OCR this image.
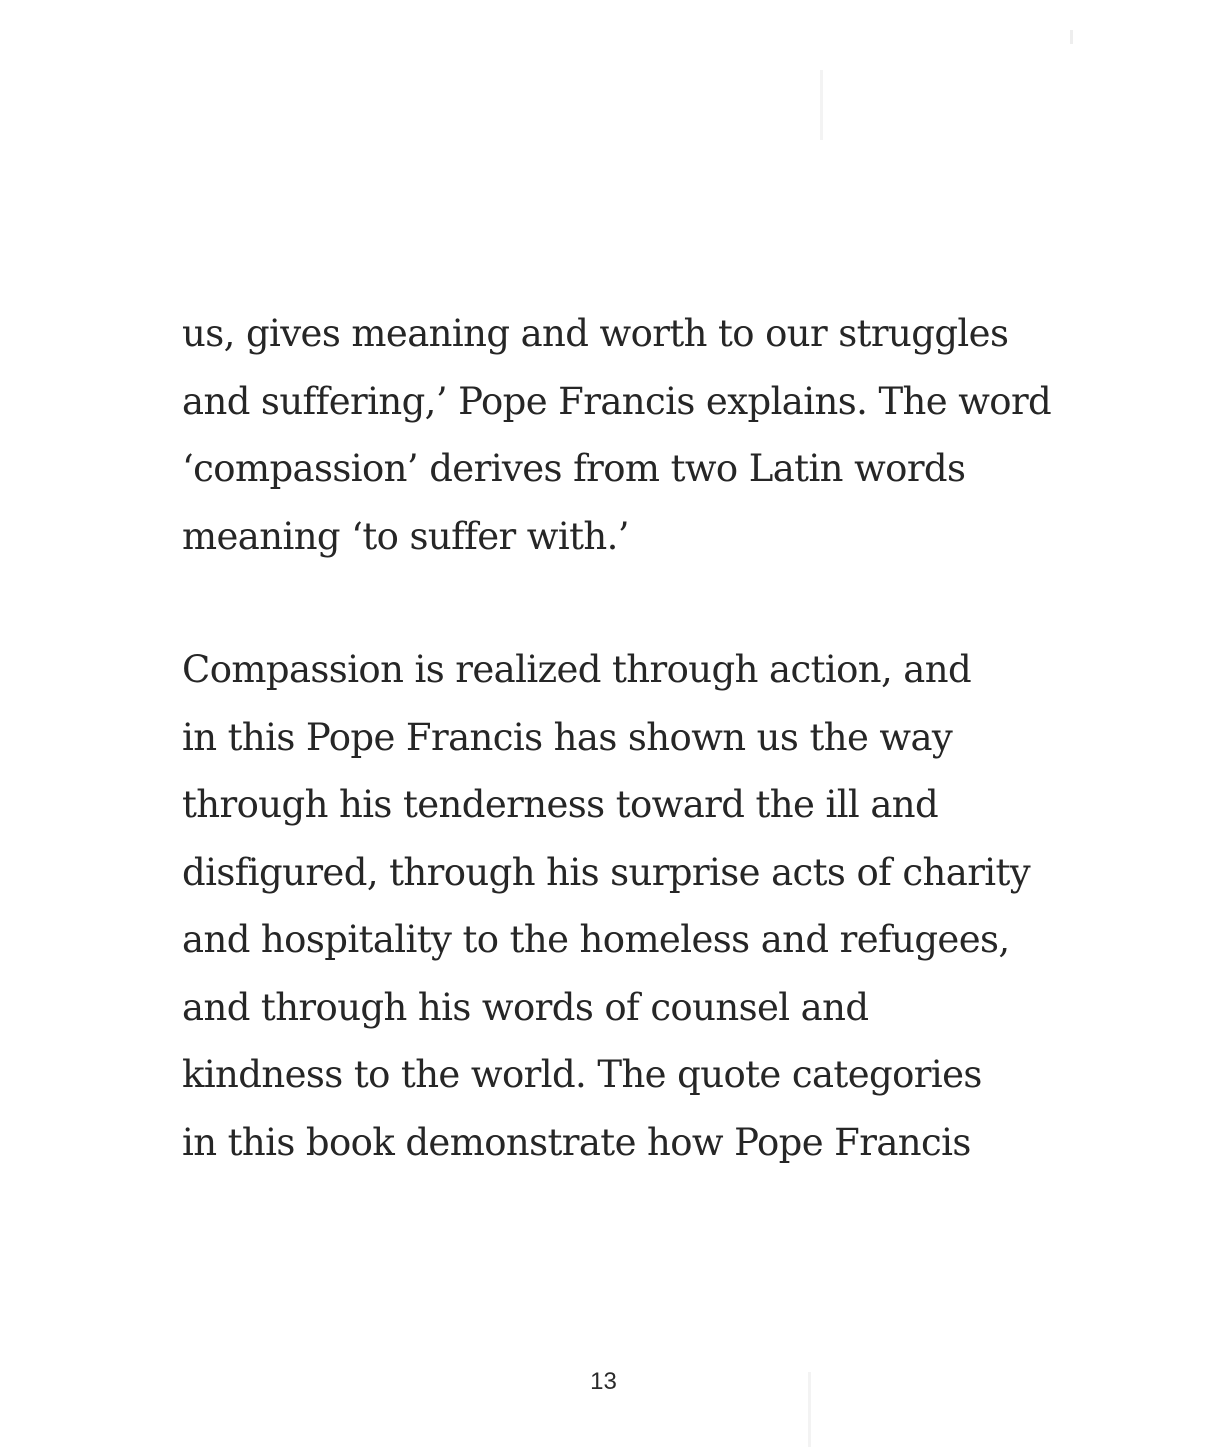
us, gives meaning and worth to our struggles
and suffering,’ Pope Francis explains. The word
‘compassion’ derives from two Latin words
meaning ‘to suffer with.’
Compassion is realized through action, and
in this Pope Francis has shown us the way
through his tenderness toward the ill and
disfigured, through his surprise acts of charity
and hospitality to the homeless and refugees,
and through his words of counsel and
kindness to the world. The quote categories
in this book demonstrate how Pope Francis
13
